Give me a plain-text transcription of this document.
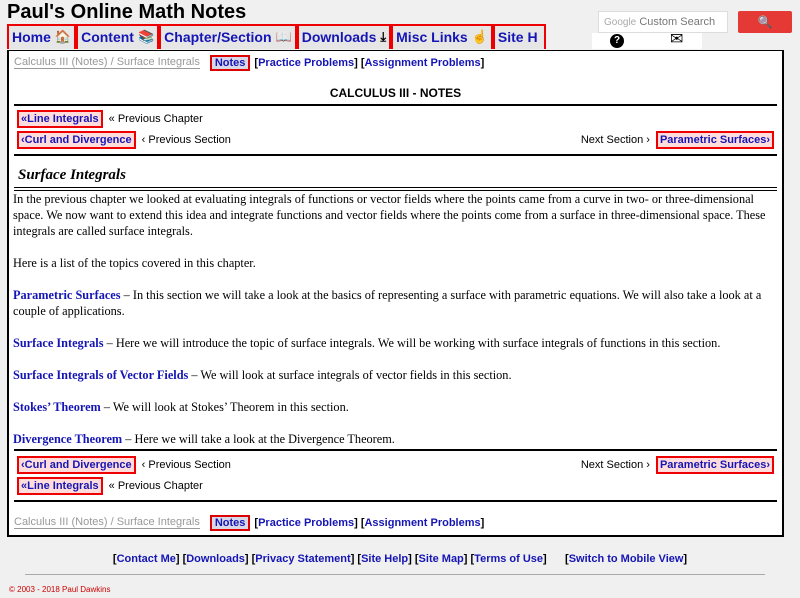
Paul's Online Math Notes
Home 🏠 Content 📚 Chapter/Section 📖 Downloads ⤓ Misc Links ☝ Site H
Google Custom Search	🔍
?	✉
Calculus III (Notes) / Surface Integrals	Notes [Practice Problems] [Assignment Problems]
CALCULUS III - NOTES
«Line Integrals « Previous Chapter
‹Curl and Divergence ‹ Previous Section	Next Section › Parametric Surfaces›
Surface Integrals

In the previous chapter we looked at evaluating integrals of functions or vector fields where the points came from a curve in two- or three-dimensional space. We now want to extend this idea and integrate functions and vector fields where the points come from a surface in three-dimensional space. These integrals are called surface integrals.

Here is a list of the topics covered in this chapter.

Parametric Surfaces – In this section we will take a look at the basics of representing a surface with parametric equations. We will also take a look at a couple of applications.

Surface Integrals – Here we will introduce the topic of surface integrals. We will be working with surface integrals of functions in this section.

Surface Integrals of Vector Fields – We will look at surface integrals of vector fields in this section.

Stokes’ Theorem – We will look at Stokes’ Theorem in this section.

Divergence Theorem – Here we will take a look at the Divergence Theorem.

‹Curl and Divergence ‹ Previous Section	Next Section › Parametric Surfaces›
«Line Integrals « Previous Chapter
Calculus III (Notes) / Surface Integrals	Notes [Practice Problems] [Assignment Problems]
[Contact Me] [Downloads] [Privacy Statement] [Site Help] [Site Map] [Terms of Use]      [Switch to Mobile View]
© 2003 - 2018 Paul Dawkins
